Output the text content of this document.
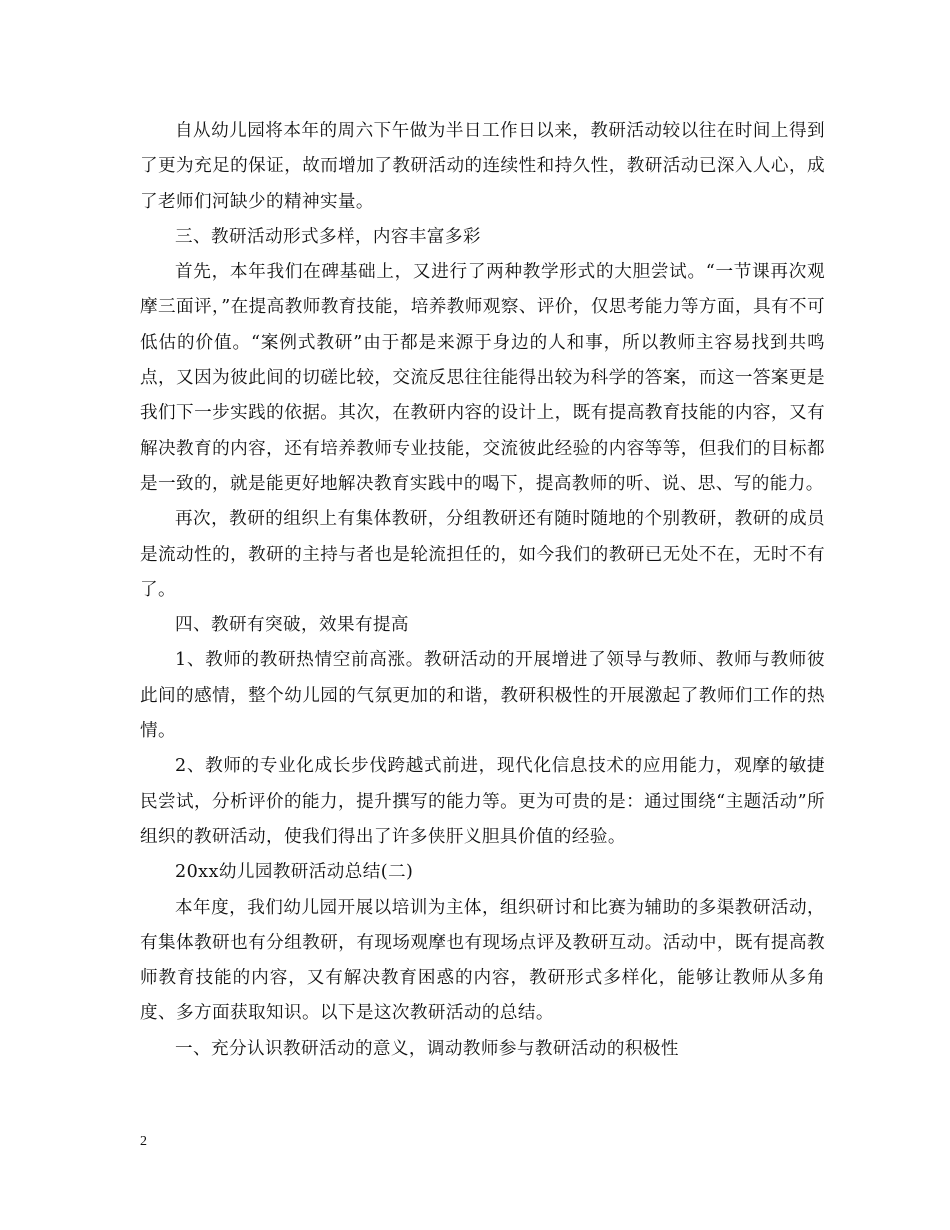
自从幼儿园将本年的周六下午做为半日工作日以来，教研活动较以往在时间上得到了更为充足的保证，故而增加了教研活动的连续性和持久性，教研活动已深入人心，成了老师们河缺少的精神实量。

三、教研活动形式多样，内容丰富多彩

首先，本年我们在碑基础上，又进行了两种教学形式的大胆尝试。“一节课再次观摩三面评，”在提高教师教育技能，培养教师观察、评价，仅思考能力等方面，具有不可低估的价值。“案例式教研”由于都是来源于身边的人和事，所以教师主容易找到共鸣点，又因为彼此间的切磋比较，交流反思往往能得出较为科学的答案，而这一答案更是我们下一步实践的依据。其次，在教研内容的设计上，既有提高教育技能的内容，又有解决教育的内容，还有培养教师专业技能，交流彼此经验的内容等等，但我们的目标都是一致的，就是能更好地解决教育实践中的喝下，提高教师的听、说、思、写的能力。

再次，教研的组织上有集体教研，分组教研还有随时随地的个别教研，教研的成员是流动性的，教研的主持与者也是轮流担任的，如今我们的教研已无处不在，无时不有了。

四、教研有突破，效果有提高

1、教师的教研热情空前高涨。教研活动的开展增进了领导与教师、教师与教师彼此间的感情，整个幼儿园的气氛更加的和谐，教研积极性的开展激起了教师们工作的热情。

2、教师的专业化成长步伐跨越式前进，现代化信息技术的应用能力，观摩的敏捷民尝试，分析评价的能力，提升撰写的能力等。更为可贵的是：通过围绕“主题活动”所组织的教研活动，使我们得出了许多侠肝义胆具价值的经验。

20xx幼儿园教研活动总结(二)

本年度，我们幼儿园开展以培训为主体，组织研讨和比赛为辅助的多渠教研活动，有集体教研也有分组教研，有现场观摩也有现场点评及教研互动。活动中，既有提高教师教育技能的内容，又有解决教育困惑的内容，教研形式多样化，能够让教师从多角度、多方面获取知识。以下是这次教研活动的总结。

一、充分认识教研活动的意义，调动教师参与教研活动的积极性

2
